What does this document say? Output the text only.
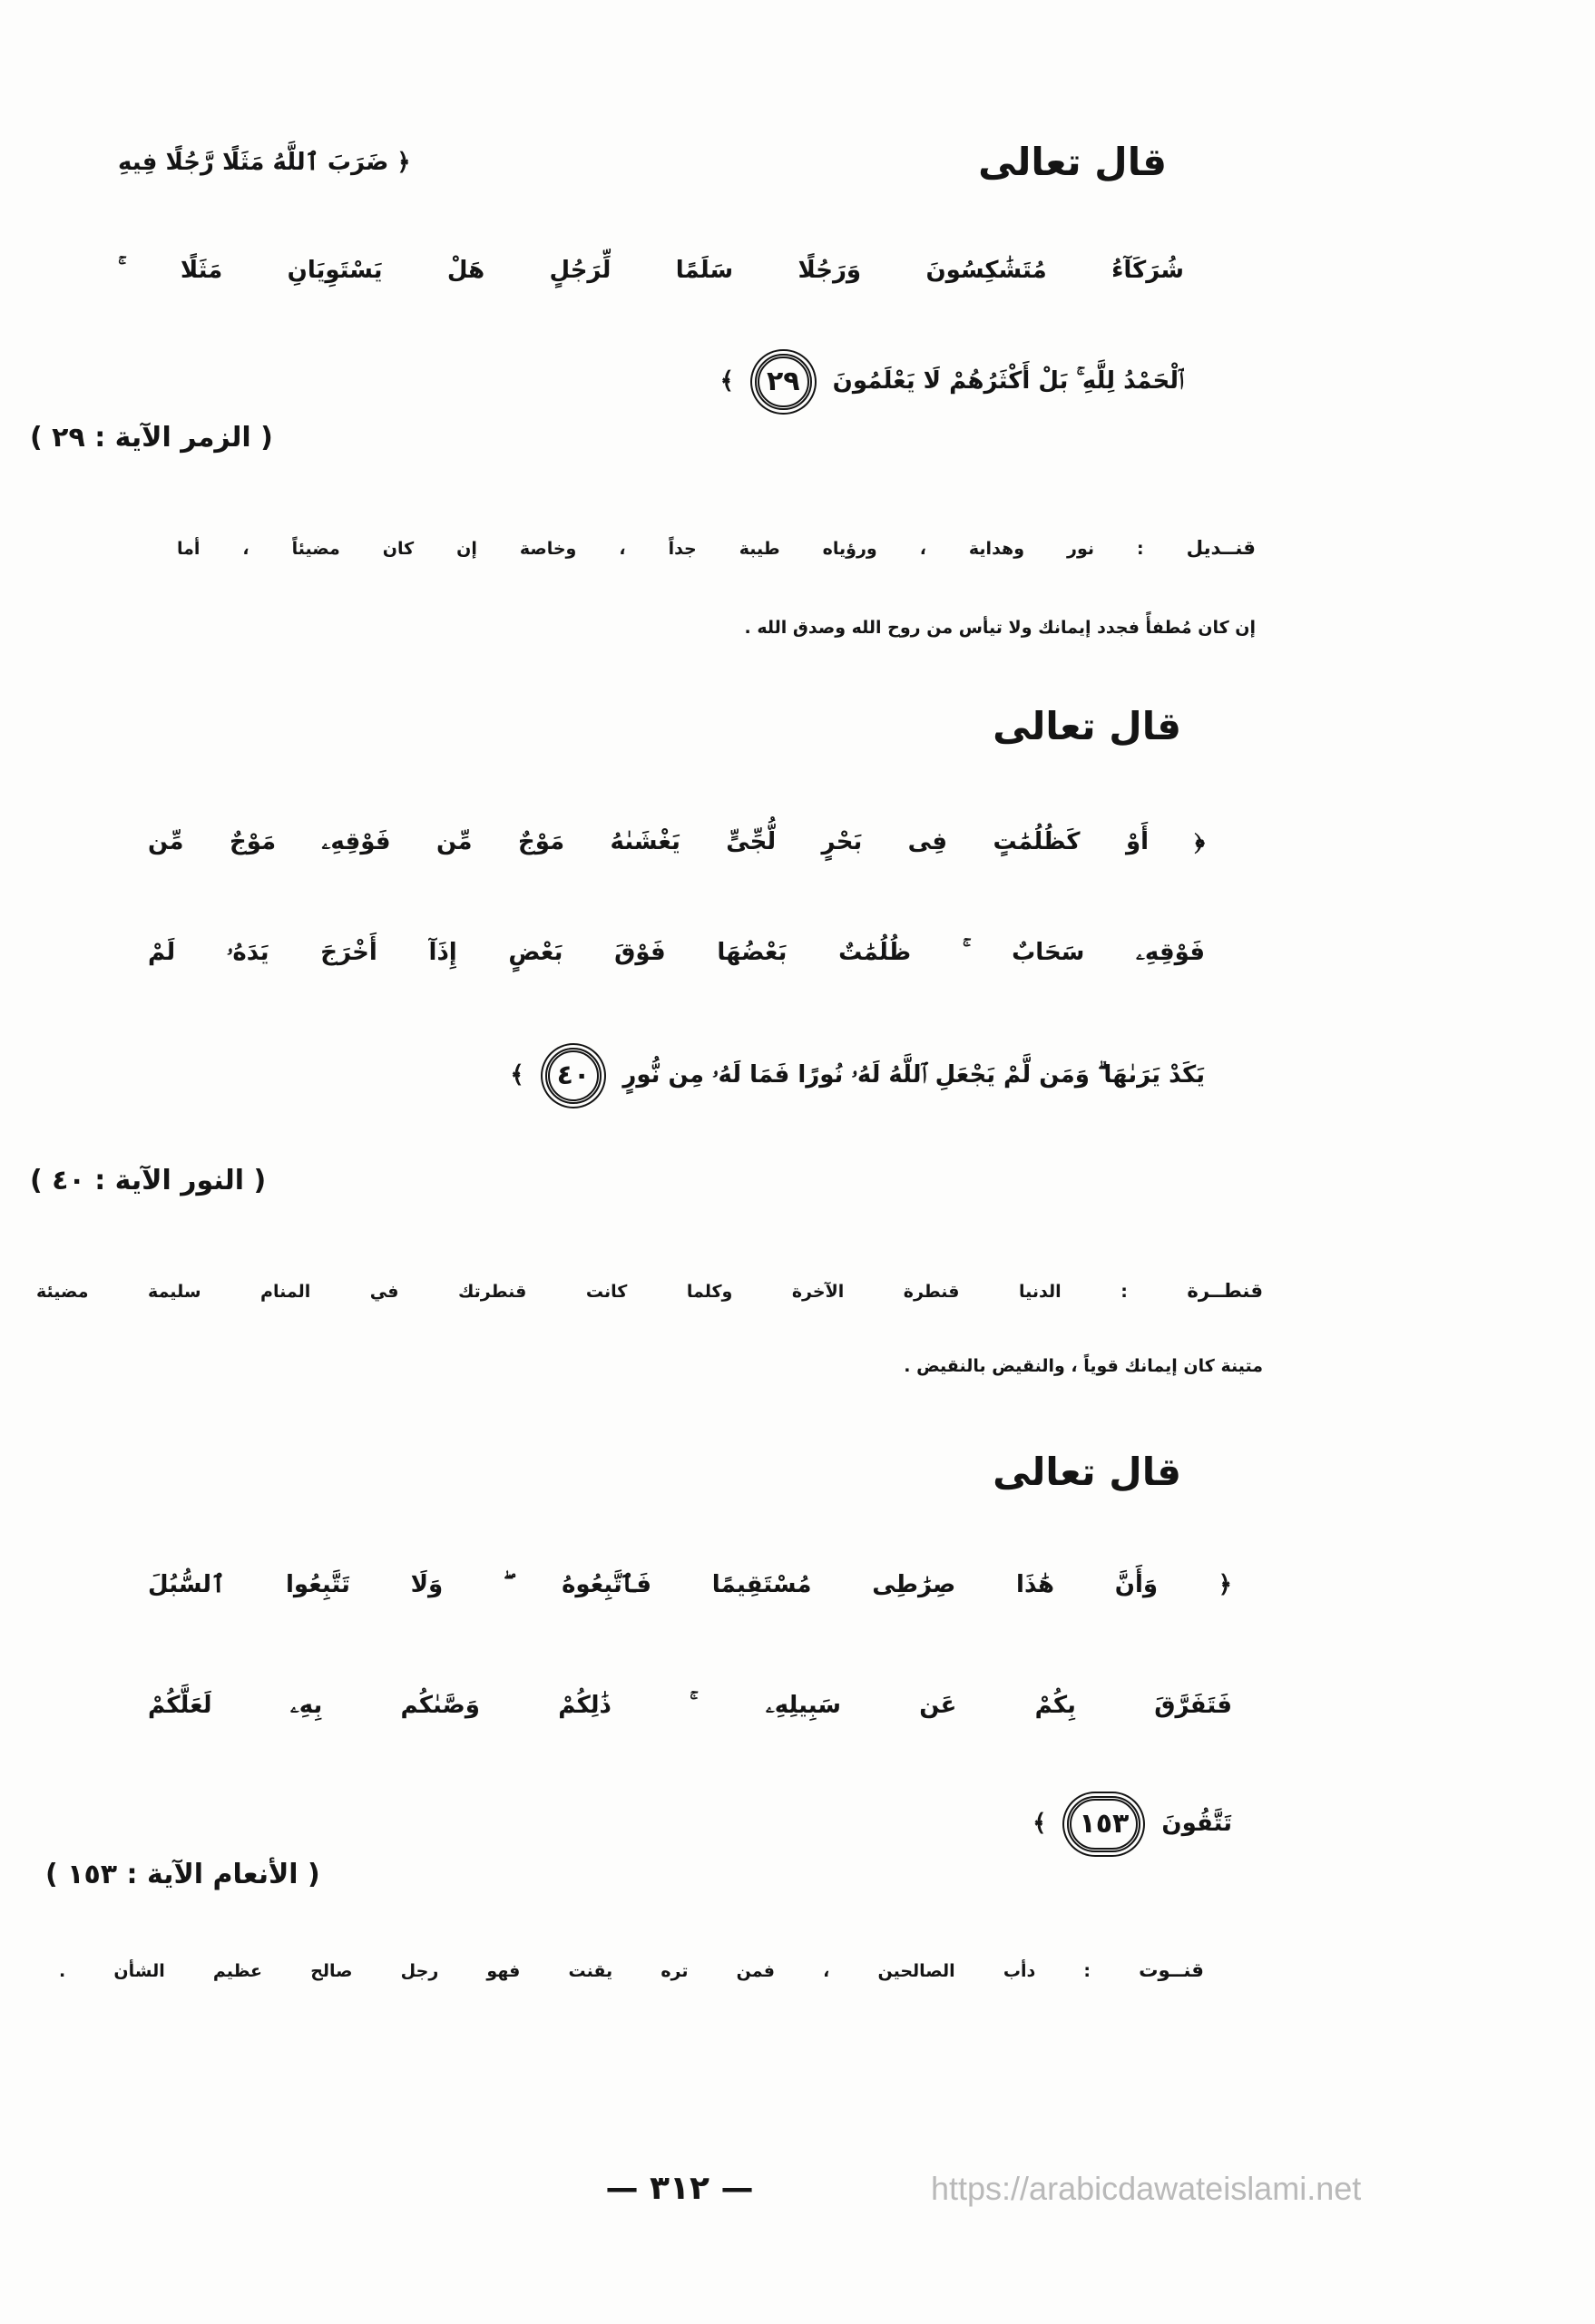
قال تعالى
﴿ ضَرَبَ ٱللَّهُ مَثَلًا رَّجُلًا فِيهِ
شُرَكَآءُ مُتَشَٰكِسُونَ وَرَجُلًا سَلَمًا لِّرَجُلٍ هَلْ يَسْتَوِيَانِ مَثَلًا ۚ
ٱلْحَمْدُ لِلَّهِ ۚ بَلْ أَكْثَرُهُمْ لَا يَعْلَمُونَ ٢٩ ﴾
( الزمر الآية : ٢٩ )
قنــديل : نور وهداية ، ورؤياه طيبة جداً ، وخاصة إن كان مضيئاً ، أما
إن كان مُطفأً فجدد إيمانك ولا تيأس من روح الله وصدق الله .
قال تعالى
﴿ أَوْ كَظُلُمَٰتٍ فِى بَحْرٍ لُّجِّىٍّ يَغْشَىٰهُ مَوْجٌ مِّن فَوْقِهِۦ مَوْجٌ مِّن
فَوْقِهِۦ سَحَابٌ ۚ ظُلُمَٰتٌ بَعْضُهَا فَوْقَ بَعْضٍ إِذَآ أَخْرَجَ يَدَهُۥ لَمْ
يَكَدْ يَرَىٰهَا ۗ وَمَن لَّمْ يَجْعَلِ ٱللَّهُ لَهُۥ نُورًا فَمَا لَهُۥ مِن نُّورٍ ٤٠ ﴾
( النور الآية : ٤٠ )
قنطــرة : الدنيا قنطرة الآخرة وكلما كانت قنطرتك في المنام سليمة مضيئة
متينة كان إيمانك قوياً ، والنقيض بالنقيض .
قال تعالى
﴿ وَأَنَّ هَٰذَا صِرَٰطِى مُسْتَقِيمًا فَٱتَّبِعُوهُ ۖ وَلَا تَتَّبِعُوا ٱلسُّبُلَ
فَتَفَرَّقَ بِكُمْ عَن سَبِيلِهِۦ ۚ ذَٰلِكُمْ وَصَّىٰكُم بِهِۦ لَعَلَّكُمْ
تَتَّقُونَ ١٥٣ ﴾
( الأنعام الآية : ١٥٣ )
قنــوت : دأب الصالحين ، فمن تره يقنت فهو رجل صالح عظيم الشأن .
— ٣١٢ —	https://arabicdawateislami.net
